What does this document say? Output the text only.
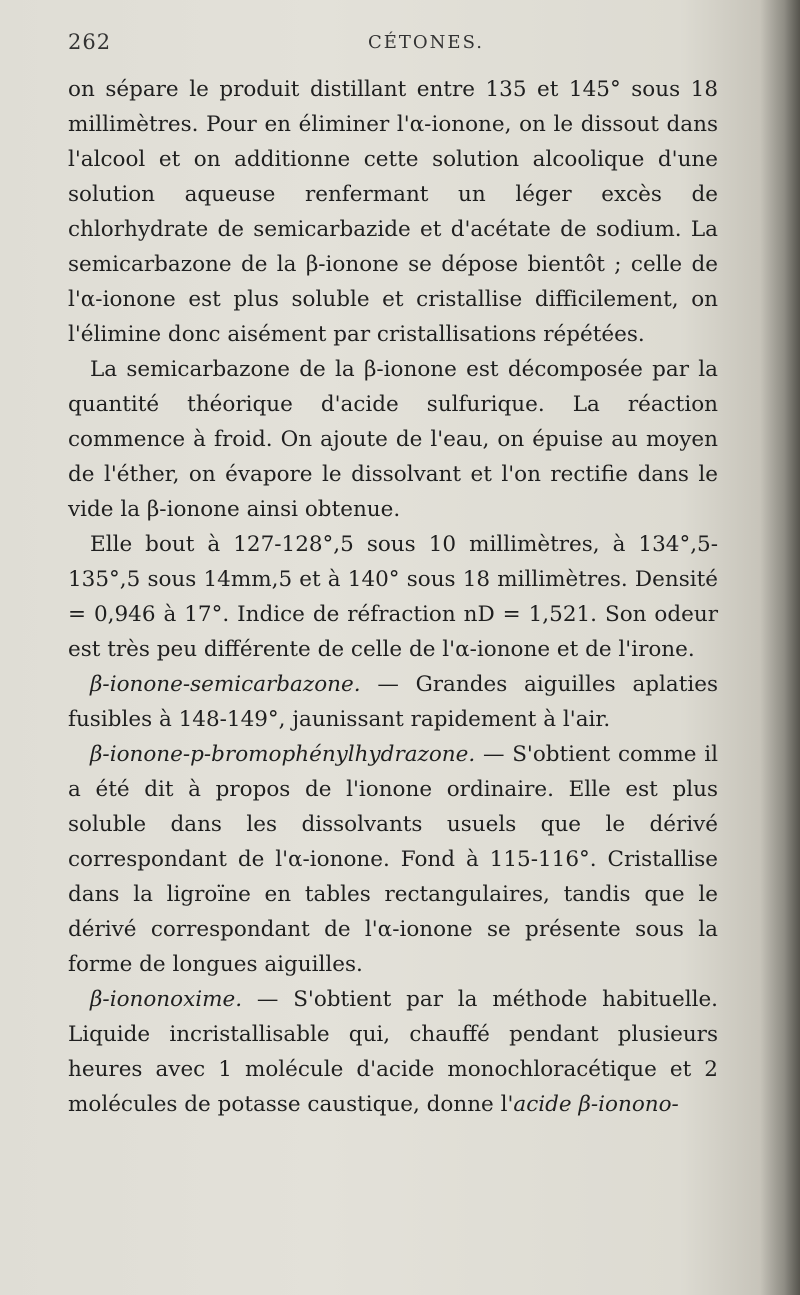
262	CÉTONES.

on sépare le produit distillant entre 135 et 145° sous 18 millimètres. Pour en éliminer l'α-ionone, on le dissout dans l'alcool et on additionne cette solution alcoolique d'une solution aqueuse renfermant un léger excès de chlorhydrate de semicarbazide et d'acétate de sodium. La semicarbazone de la β-ionone se dépose bientôt ; celle de l'α-ionone est plus soluble et cristallise difficilement, on l'élimine donc aisément par cristallisations répétées.

La semicarbazone de la β-ionone est décomposée par la quantité théorique d'acide sulfurique. La réaction commence à froid. On ajoute de l'eau, on épuise au moyen de l'éther, on évapore le dissolvant et l'on rectifie dans le vide la β-ionone ainsi obtenue.

Elle bout à 127-128°,5 sous 10 millimètres, à 134°,5-135°,5 sous 14mm,5 et à 140° sous 18 millimètres. Densité = 0,946 à 17°. Indice de réfraction nD = 1,521. Son odeur est très peu différente de celle de l'α-ionone et de l'irone.

β-ionone-semicarbazone. — Grandes aiguilles aplaties fusibles à 148-149°, jaunissant rapidement à l'air.

β-ionone-p-bromophénylhydrazone. — S'obtient comme il a été dit à propos de l'ionone ordinaire. Elle est plus soluble dans les dissolvants usuels que le dérivé correspondant de l'α-ionone. Fond à 115-116°. Cristallise dans la ligroïne en tables rectangulaires, tandis que le dérivé correspondant de l'α-ionone se présente sous la forme de longues aiguilles.

β-iononoxime. — S'obtient par la méthode habituelle. Liquide incristallisable qui, chauffé pendant plusieurs heures avec 1 molécule d'acide monochloracétique et 2 molécules de potasse caustique, donne l'acide β-ionono-
